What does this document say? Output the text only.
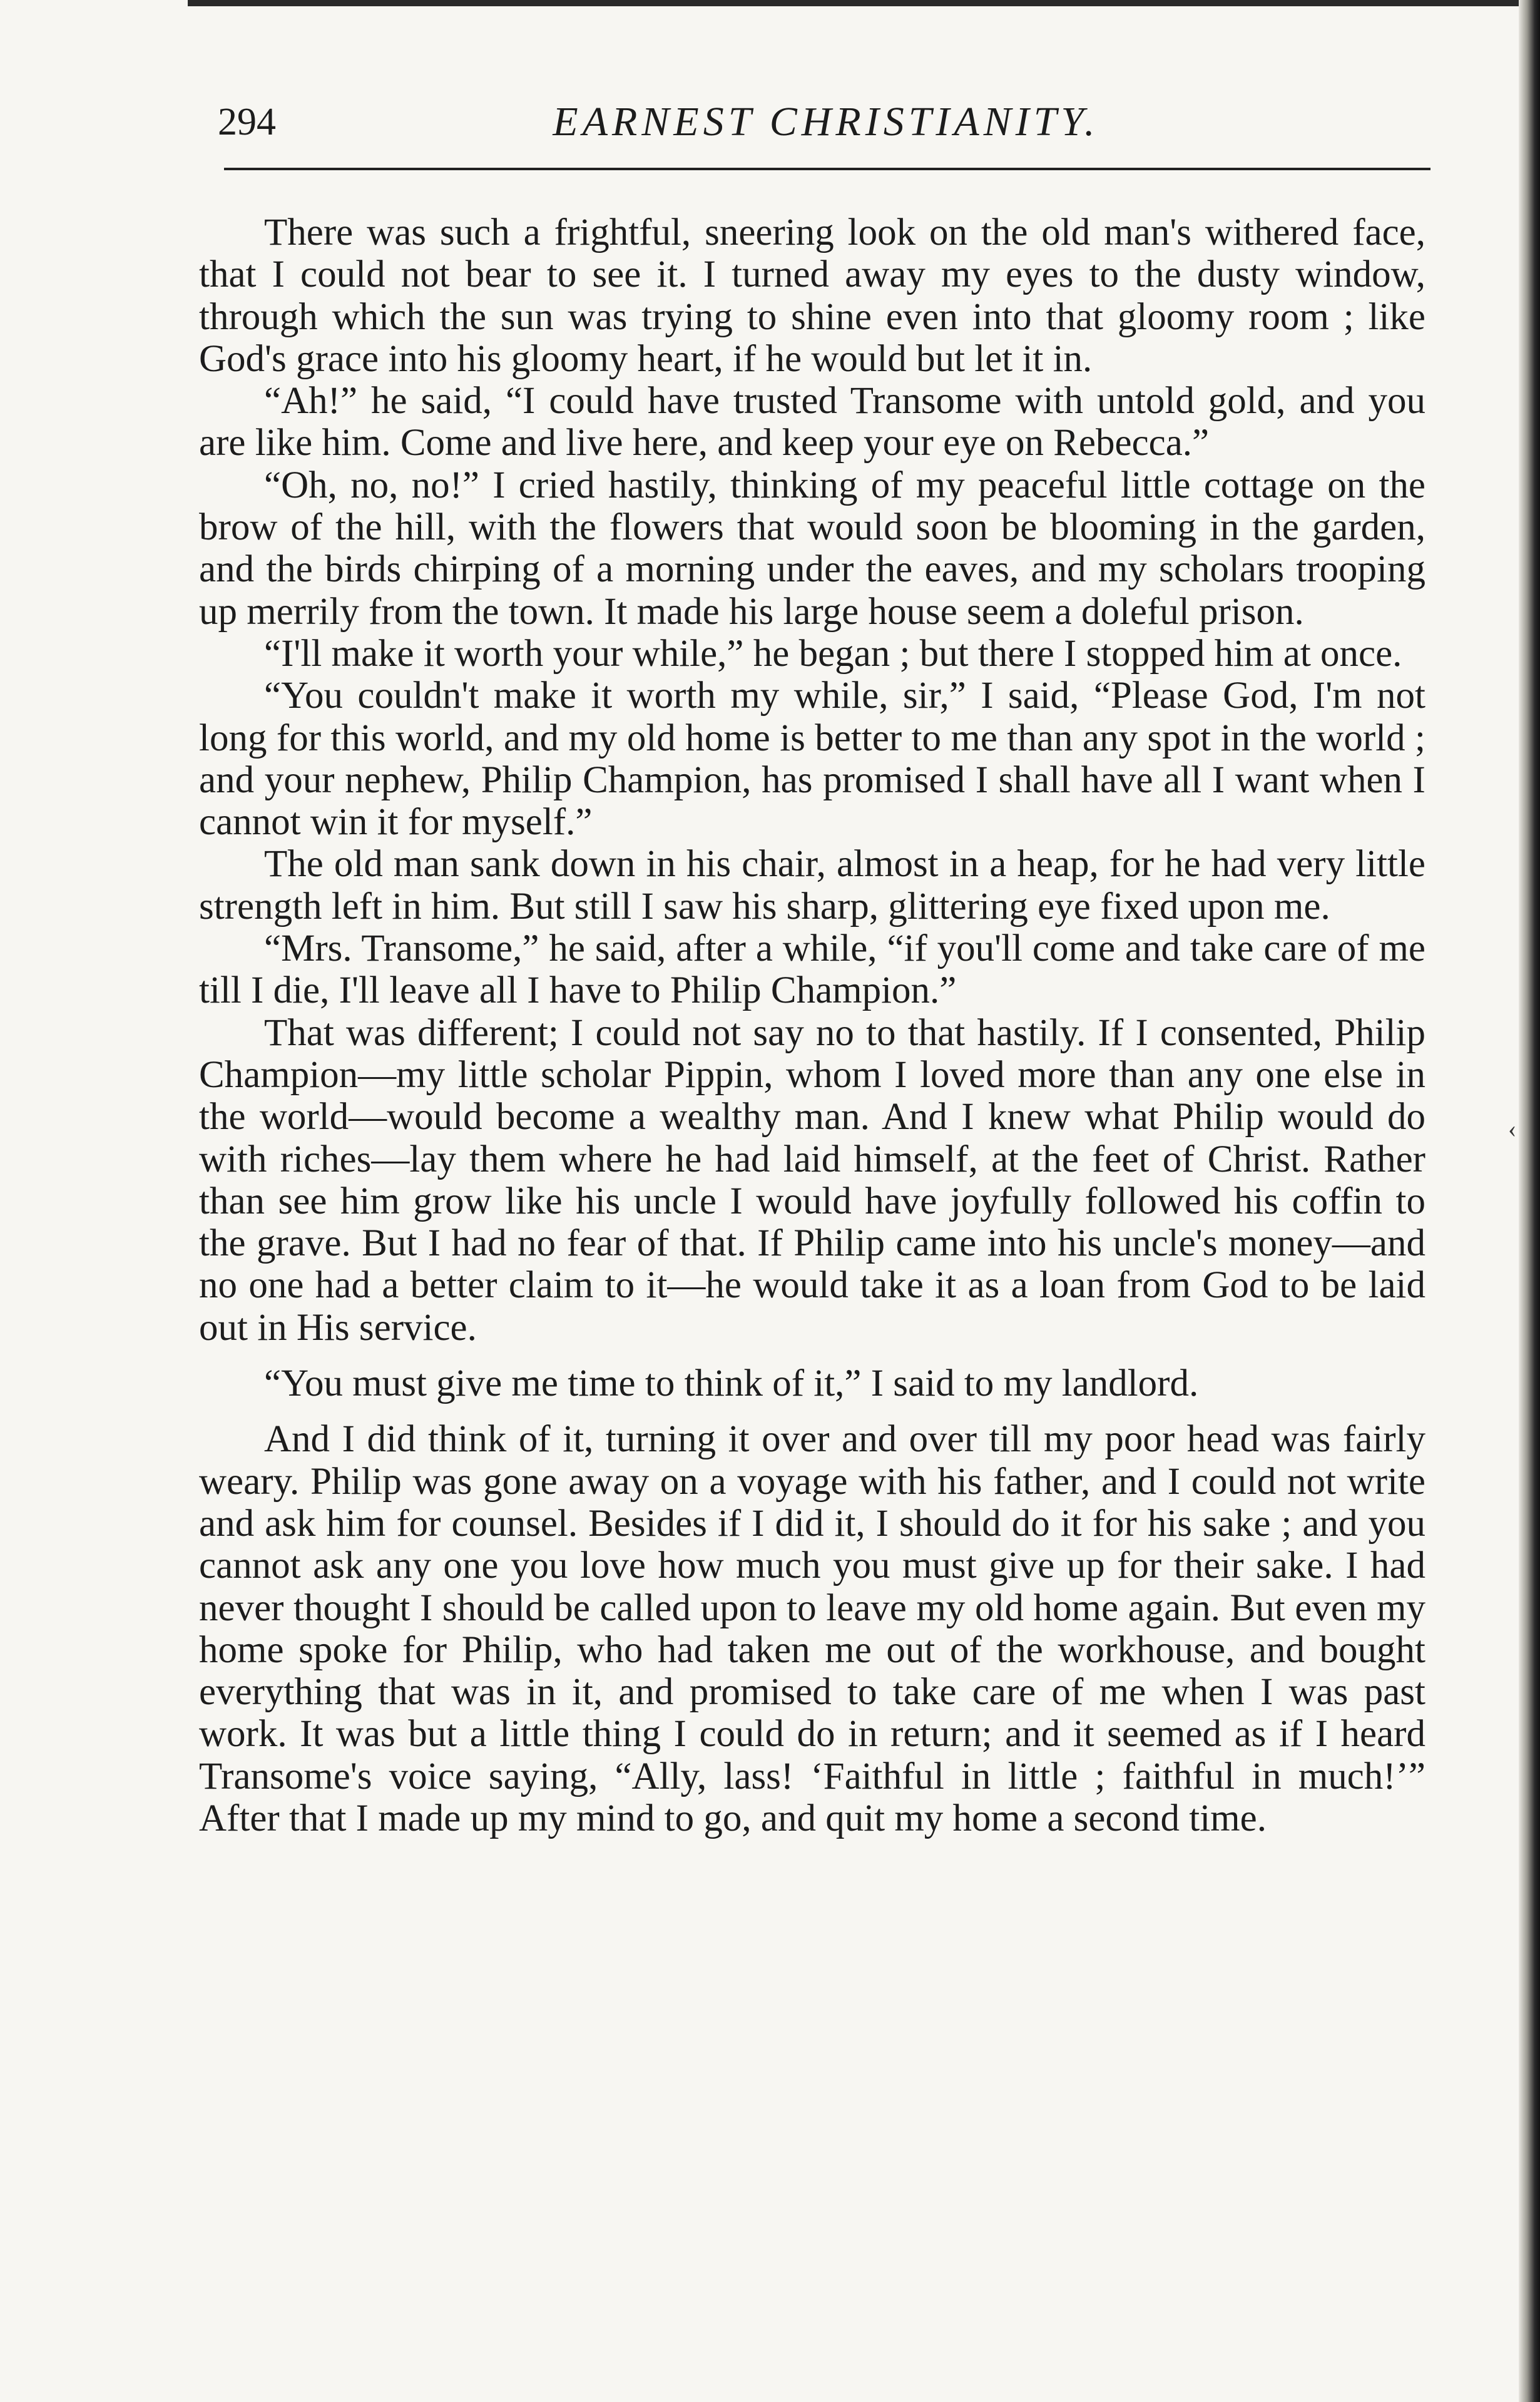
294	EARNEST CHRISTIANITY.

There was such a frightful, sneering look on the old man's withered face, that I could not bear to see it. I turned away my eyes to the dusty window, through which the sun was trying to shine even into that gloomy room ; like God's grace into his gloomy heart, if he would but let it in.

“Ah!” he said, “I could have trusted Transome with untold gold, and you are like him. Come and live here, and keep your eye on Rebecca.”

“Oh, no, no!” I cried hastily, thinking of my peaceful little cottage on the brow of the hill, with the flowers that would soon be blooming in the garden, and the birds chirping of a morning under the eaves, and my scholars trooping up merrily from the town. It made his large house seem a doleful prison.

“I'll make it worth your while,” he began ; but there I stopped him at once.

“You couldn't make it worth my while, sir,” I said, “Please God, I'm not long for this world, and my old home is better to me than any spot in the world ; and your nephew, Philip Champion, has promised I shall have all I want when I cannot win it for myself.”

The old man sank down in his chair, almost in a heap, for he had very little strength left in him. But still I saw his sharp, glittering eye fixed upon me.

“Mrs. Transome,” he said, after a while, “if you'll come and take care of me till I die, I'll leave all I have to Philip Champion.”

That was different; I could not say no to that hastily. If I consented, Philip Champion—my little scholar Pippin, whom I loved more than any one else in the world—would become a wealthy man. And I knew what Philip would do with riches—lay them where he had laid himself, at the feet of Christ. Rather than see him grow like his uncle I would have joyfully followed his coffin to the grave. But I had no fear of that. If Philip came into his uncle's money—and no one had a better claim to it—he would take it as a loan from God to be laid out in His service.

“You must give me time to think of it,” I said to my landlord.

And I did think of it, turning it over and over till my poor head was fairly weary. Philip was gone away on a voyage with his father, and I could not write and ask him for counsel. Besides if I did it, I should do it for his sake ; and you cannot ask any one you love how much you must give up for their sake. I had never thought I should be called upon to leave my old home again. But even my home spoke for Philip, who had taken me out of the workhouse, and bought everything that was in it, and promised to take care of me when I was past work. It was but a little thing I could do in return; and it seemed as if I heard Transome's voice saying, “Ally, lass! ‘Faithful in little ; faithful in much!’” After that I made up my mind to go, and quit my home a second time.

‹
